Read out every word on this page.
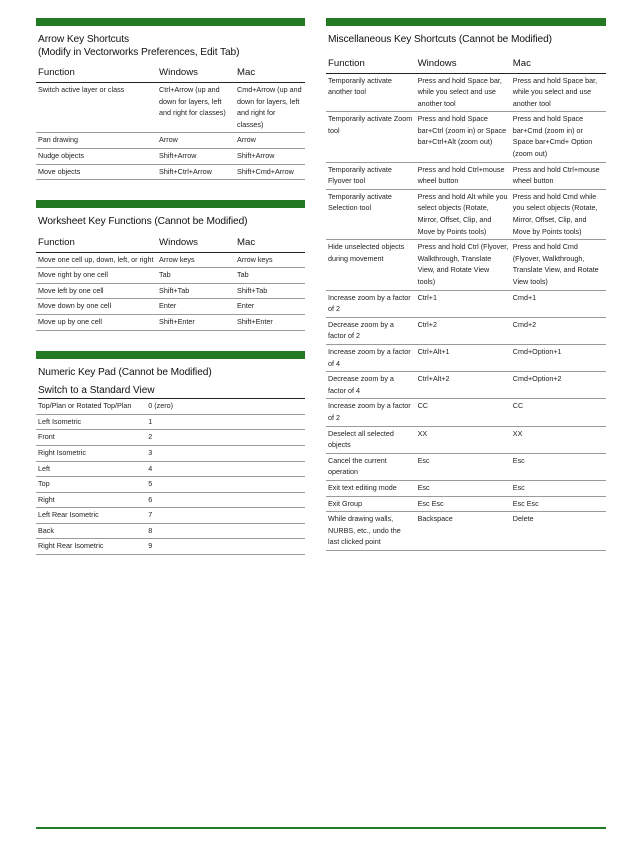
Arrow Key Shortcuts
(Modify in Vectorworks Preferences, Edit Tab)
Function	Windows	Mac
Switch active layer or class	Ctrl+Arrow (up and down for layers, left and right for classes)	Cmd+Arrow (up and down for layers, left and right for classes)
Pan drawing	Arrow	Arrow
Nudge objects	Shift+Arrow	Shift+Arrow
Move objects	Shift+Ctrl+Arrow	Shift+Cmd+Arrow
Worksheet Key Functions (Cannot be Modified)
Function	Windows	Mac
Move one cell up, down, left, or right	Arrow keys	Arrow keys
Move right by one cell	Tab	Tab
Move left by one cell	Shift+Tab	Shift+Tab
Move down by one cell	Enter	Enter
Move up by one cell	Shift+Enter	Shift+Enter
Numeric Key Pad (Cannot be Modified)
Switch to a Standard View
Top/Plan or Rotated Top/Plan	0 (zero)
Left Isometric	1
Front	2
Right Isometric	3
Left	4
Top	5
Right	6
Left Rear Isometric	7
Back	8
Right Rear Isometric	9
Miscellaneous Key Shortcuts (Cannot be Modified)
Function	Windows	Mac
Temporarily activate another tool	Press and hold Space bar, while you select and use another tool	Press and hold Space bar, while you select and use another tool
Temporarily activate Zoom tool	Press and hold Space bar+Ctrl (zoom in) or Space bar+Ctrl+Alt (zoom out)	Press and hold Space bar+Cmd (zoom in) or Space bar+Cmd+ Option (zoom out)
Temporarily activate Flyover tool	Press and hold Ctrl+mouse wheel button	Press and hold Ctrl+mouse wheel button
Temporarily activate Selection tool	Press and hold Alt while you select objects (Rotate, Mirror, Offset, Clip, and Move by Points tools)	Press and hold Cmd while you select objects (Rotate, Mirror, Offset, Clip, and Move by Points tools)
Hide unselected objects during movement	Press and hold Ctrl (Flyover, Walkthrough, Translate View, and Rotate View tools)	Press and hold Cmd (Flyover, Walkthrough, Translate View, and Rotate View tools)
Increase zoom by a factor of 2	Ctrl+1	Cmd+1
Decrease zoom by a factor of 2	Ctrl+2	Cmd+2
Increase zoom by a factor of 4	Ctrl+Alt+1	Cmd+Option+1
Decrease zoom by a factor of 4	Ctrl+Alt+2	Cmd+Option+2
Increase zoom by a factor of 2	CC	CC
Deselect all selected objects	XX	XX
Cancel the current operation	Esc	Esc
Exit text editing mode	Esc	Esc
Exit Group	Esc Esc	Esc Esc
While drawing walls, NURBS, etc., undo the last clicked point	Backspace	Delete
